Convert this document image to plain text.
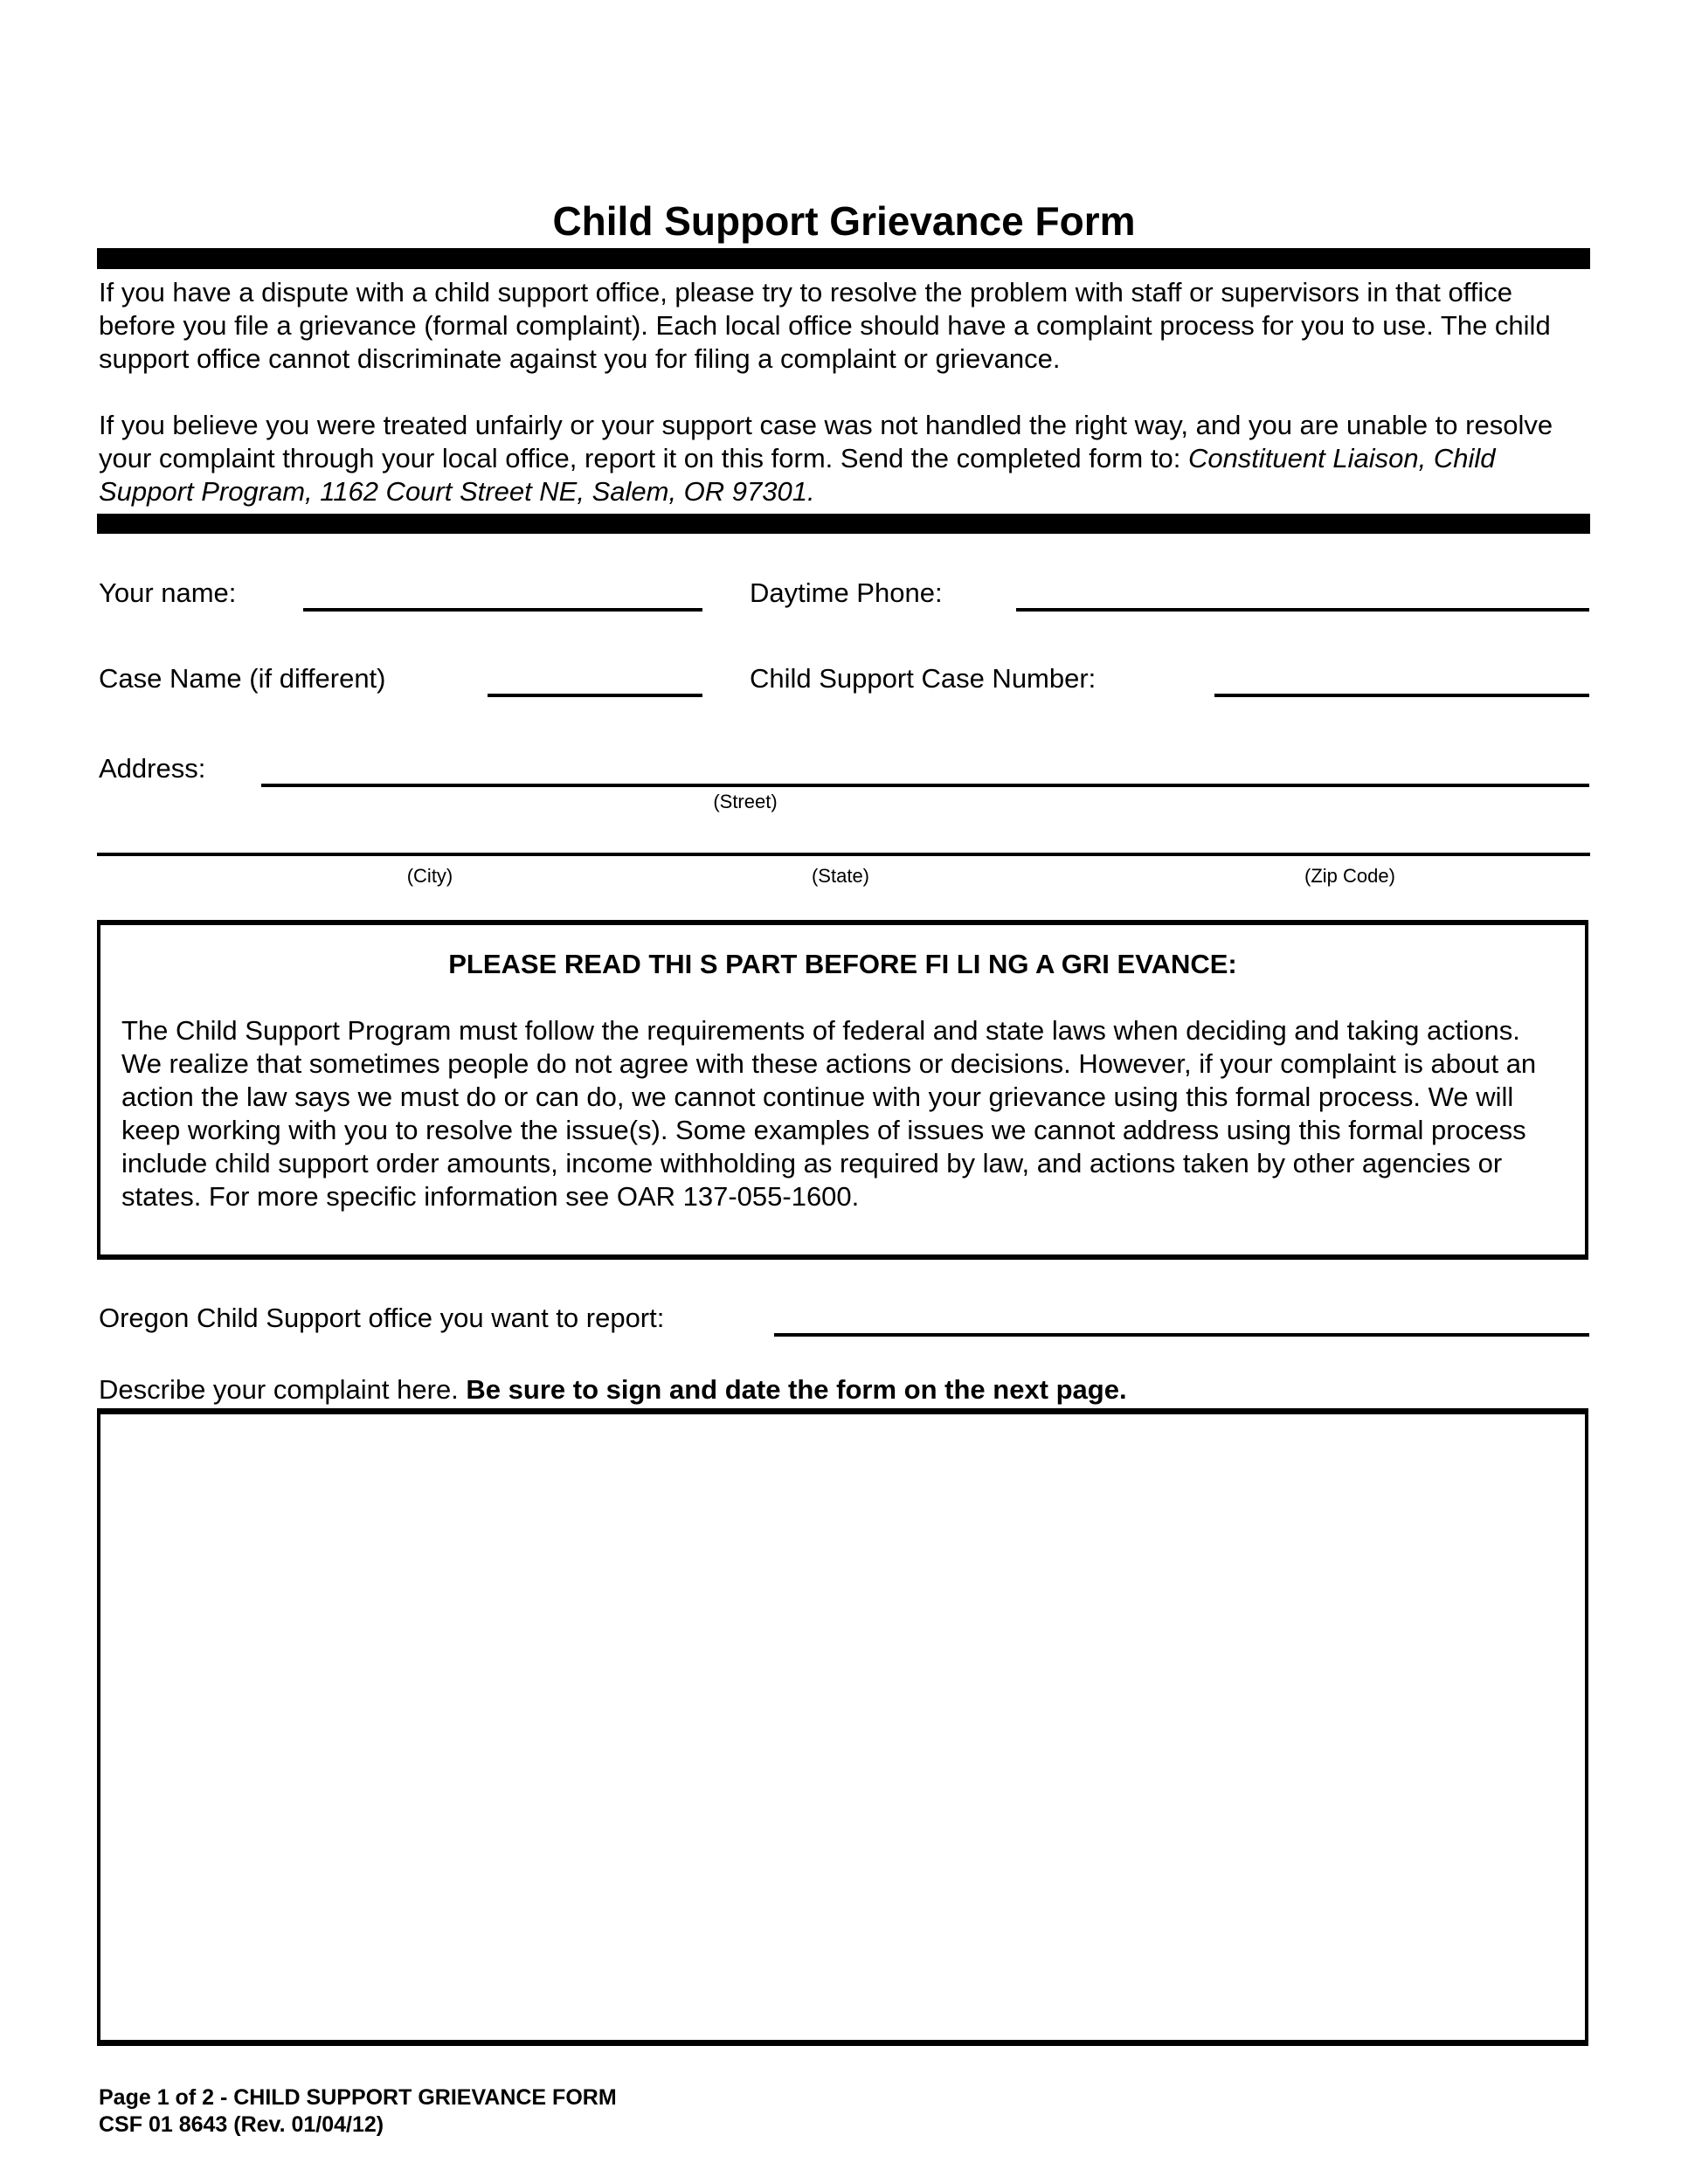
Child Support Grievance Form

If you have a dispute with a child support office, please try to resolve the problem with staff or supervisors in that office before you file a grievance (formal complaint). Each local office should have a complaint process for you to use. The child support office cannot discriminate against you for filing a complaint or grievance.

If you believe you were treated unfairly or your support case was not handled the right way, and you are unable to resolve your complaint through your local office, report it on this form. Send the completed form to: Constituent Liaison, Child Support Program, 1162 Court Street NE, Salem, OR 97301.

Your name:	Daytime Phone:
Case Name (if different)	Child Support Case Number:
Address:
(Street)
(City)	(State)	(Zip Code)
PLEASE READ THI S PART BEFORE FI LI NG A GRI EVANCE:

The Child Support Program must follow the requirements of federal and state laws when deciding and taking actions. We realize that sometimes people do not agree with these actions or decisions. However, if your complaint is about an action the law says we must do or can do, we cannot continue with your grievance using this formal process. We will keep working with you to resolve the issue(s). Some examples of issues we cannot address using this formal process include child support order amounts, income withholding as required by law, and actions taken by other agencies or states. For more specific information see OAR 137-055-1600.

Oregon Child Support office you want to report:
Describe your complaint here. Be sure to sign and date the form on the next page.
Page 1 of 2 - CHILD SUPPORT GRIEVANCE FORM
CSF 01 8643 (Rev. 01/04/12)
